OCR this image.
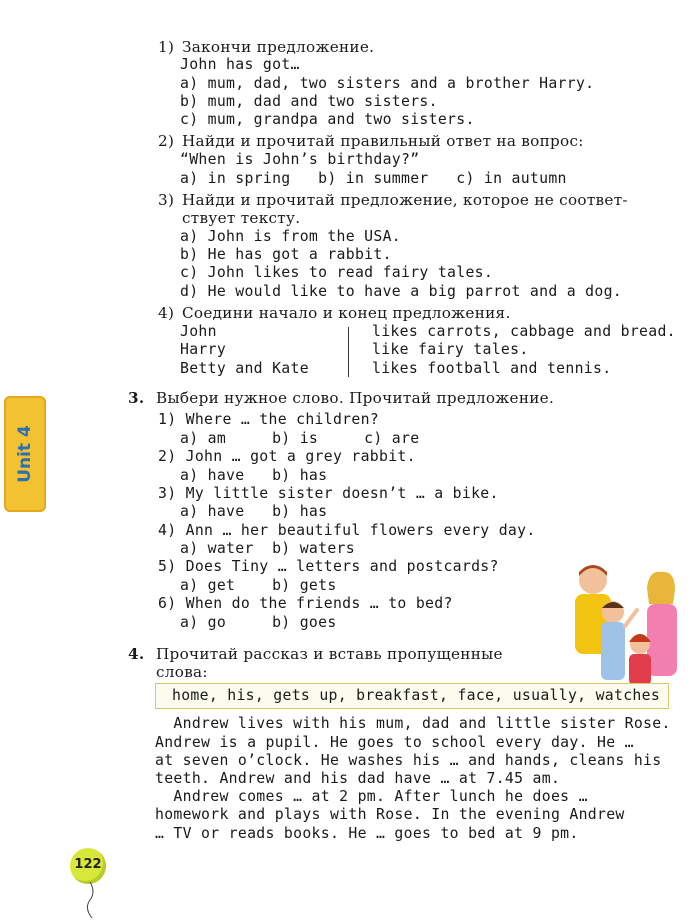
1) Закончи предложение.
John has got…
a) mum, dad, two sisters and a brother Harry.
b) mum, dad and two sisters.
c) mum, grandpa and two sisters.
2) Найди и прочитай правильный ответ на вопрос:
“When is John’s birthday?”
a) in spring   b) in summer   c) in autumn
3) Найди и прочитай предложение, которое не соответ-
ствует тексту.
a) John is from the USA.
b) He has got a rabbit.
c) John likes to read fairy tales.
d) He would like to have a big parrot and a dog.
4) Соедини начало и конец предложения.
John
Harry
Betty and Kate
likes carrots, cabbage and bread.
like fairy tales.
likes football and tennis.
Unit 4
3. Выбери нужное слово. Прочитай предложение.
1) Where … the children?
a) am     b) is     c) are
2) John … got a grey rabbit.
a) have   b) has
3) My little sister doesn’t … a bike.
a) have   b) has
4) Ann … her beautiful flowers every day.
a) water  b) waters
5) Does Tiny … letters and postcards?
a) get    b) gets
6) When do the friends … to bed?
a) go     b) goes
4. Прочитай рассказ и вставь пропущенные
слова:
home, his, gets up, breakfast, face, usually, watches
Andrew lives with his mum, dad and little sister Rose.
Andrew is a pupil. He goes to school every day. He …
at seven o’clock. He washes his … and hands, cleans his
teeth. Andrew and his dad have … at 7.45 am.
Andrew comes … at 2 pm. After lunch he does …
homework and plays with Rose. In the evening Andrew
… TV or reads books. He … goes to bed at 9 pm.
122
